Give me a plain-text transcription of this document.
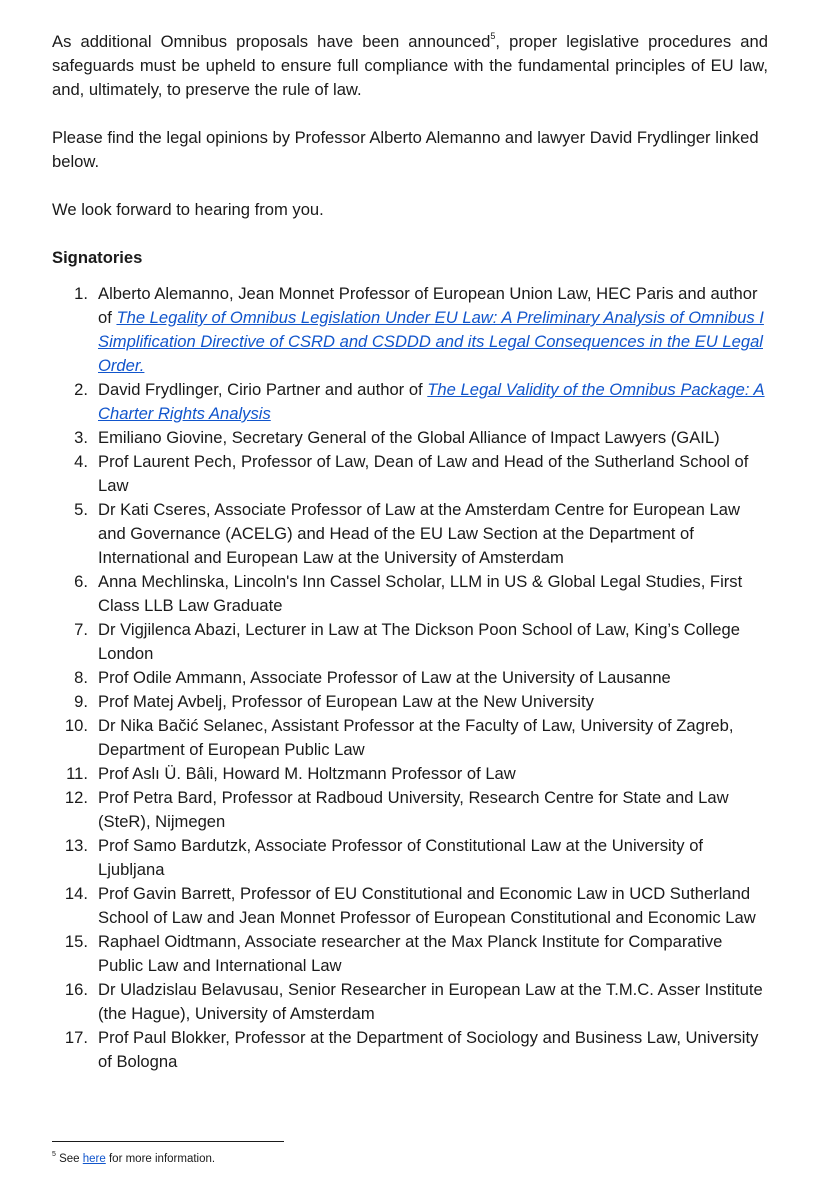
As additional Omnibus proposals have been announced$^5$, proper legislative procedures and safeguards must be upheld to ensure full compliance with the fundamental principles of EU law, and, ultimately, to preserve the rule of law.

Please find the legal opinions by Professor Alberto Alemanno and lawyer David Frydlinger linked below.

We look forward to hearing from you.

Signatories
1. Alberto Alemanno, Jean Monnet Professor of European Union Law, HEC Paris and author of The Legality of Omnibus Legislation Under EU Law: A Preliminary Analysis of Omnibus I Simplification Directive of CSRD and CSDDD and its Legal Consequences in the EU Legal Order.
2. David Frydlinger, Cirio Partner and author of The Legal Validity of the Omnibus Package: A Charter Rights Analysis
3. Emiliano Giovine, Secretary General of the Global Alliance of Impact Lawyers (GAIL)
4. Prof Laurent Pech, Professor of Law, Dean of Law and Head of the Sutherland School of Law
5. Dr Kati Cseres, Associate Professor of Law at the Amsterdam Centre for European Law and Governance (ACELG) and Head of the EU Law Section at the Department of International and European Law at the University of Amsterdam
6. Anna Mechlinska, Lincoln's Inn Cassel Scholar, LLM in US & Global Legal Studies, First Class LLB Law Graduate
7. Dr Vigjilenca Abazi, Lecturer in Law at The Dickson Poon School of Law, King’s College London
8. Prof Odile Ammann, Associate Professor of Law at the University of Lausanne
9. Prof Matej Avbelj, Professor of European Law at the New University
10. Dr Nika Bačić Selanec, Assistant Professor at the Faculty of Law, University of Zagreb, Department of European Public Law
11. Prof Aslı Ü. Bâli, Howard M. Holtzmann Professor of Law
12. Prof Petra Bard, Professor at Radboud University, Research Centre for State and Law (SteR), Nijmegen
13. Prof Samo Bardutzk, Associate Professor of Constitutional Law at the University of Ljubljana
14. Prof Gavin Barrett, Professor of EU Constitutional and Economic Law in UCD Sutherland School of Law and Jean Monnet Professor of European Constitutional and Economic Law
15. Raphael Oidtmann, Associate researcher at the Max Planck Institute for Comparative Public Law and International Law
16. Dr Uladzislau Belavusau, Senior Researcher in European Law at the T.M.C. Asser Institute (the Hague), University of Amsterdam
17. Prof Paul Blokker, Professor at the Department of Sociology and Business Law, University of Bologna
$^5$ See here for more information.
